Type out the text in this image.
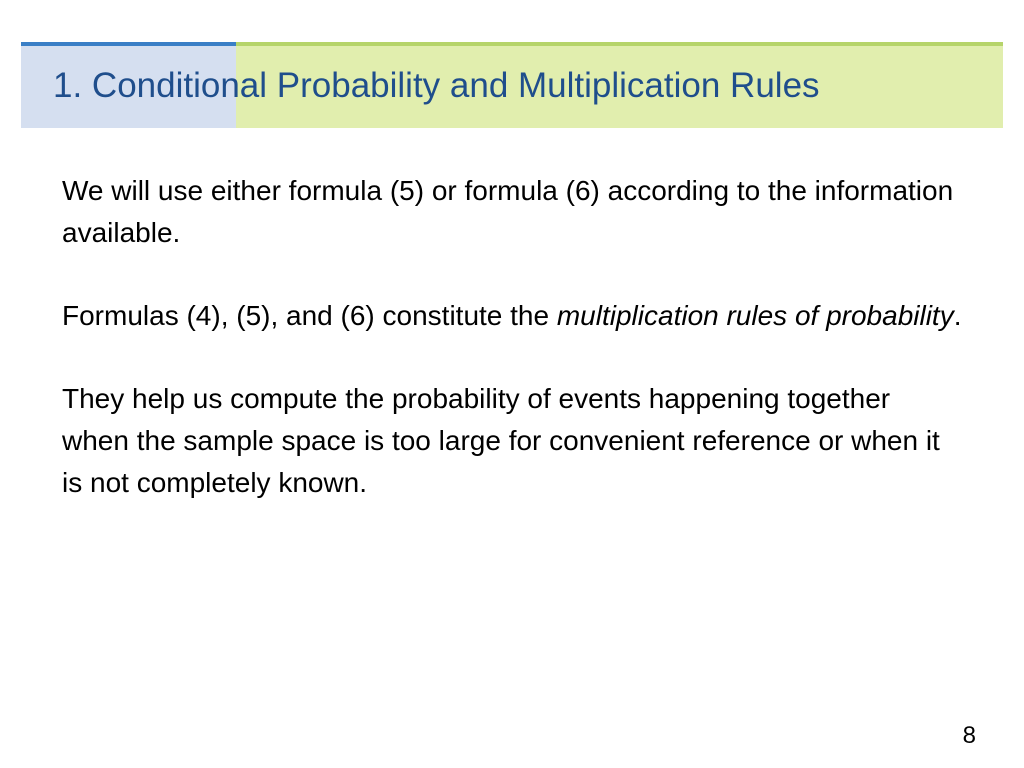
1. Conditional Probability and Multiplication Rules

We will use either formula (5) or formula (6) according to the information available.

Formulas (4), (5), and (6) constitute the multiplication rules of probability.

They help us compute the probability of events happening together when the sample space is too large for convenient reference or when it is not completely known.

8
